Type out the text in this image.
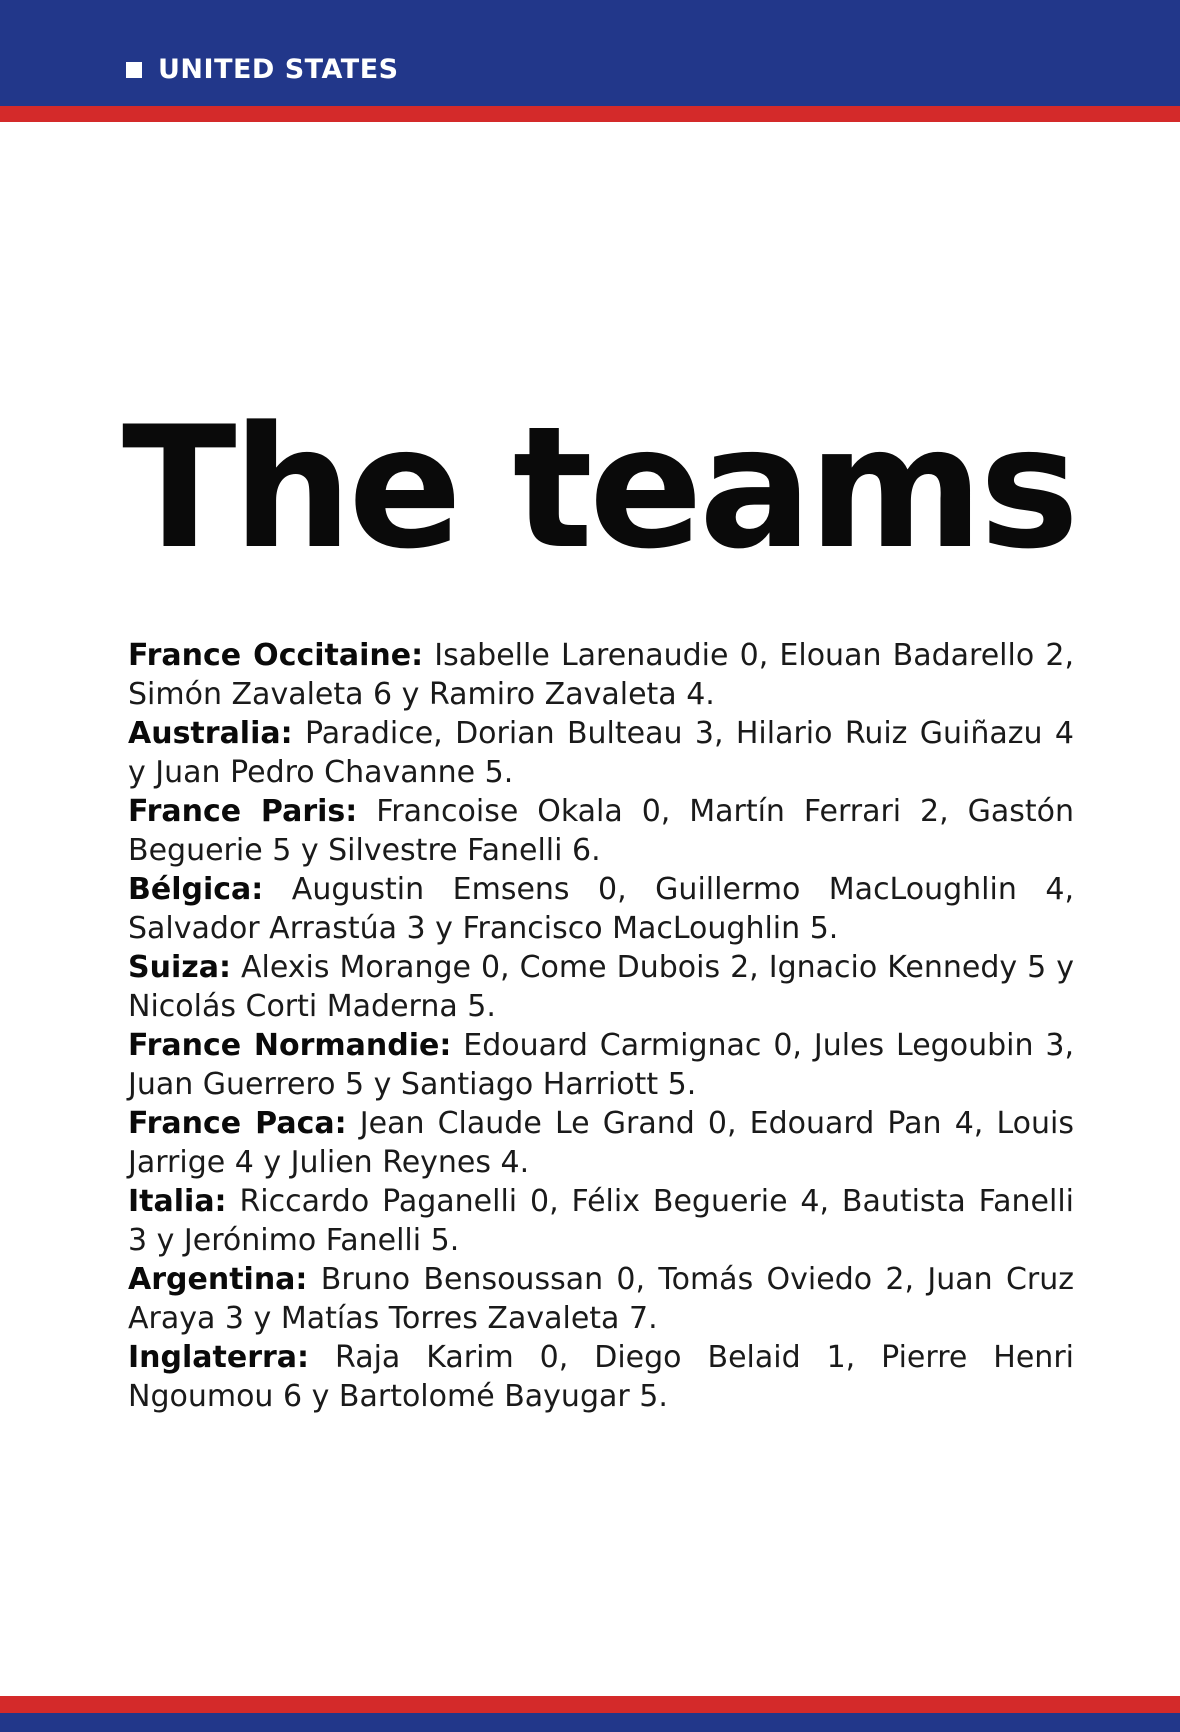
UNITED STATES
The teams

France Occitaine: Isabelle Larenaudie 0, Elouan Badarello 2, Simón Zavaleta 6 y Ramiro Zavaleta 4.

Australia: Paradice, Dorian Bulteau 3, Hilario Ruiz Guiñazu 4 y Juan Pedro Chavanne 5.

France Paris: Francoise Okala 0, Martín Ferrari 2, Gastón Beguerie 5 y Silvestre Fanelli 6.

Bélgica: Augustin Emsens 0, Guillermo MacLoughlin 4, Salvador Arrastúa 3 y Francisco MacLoughlin 5.

Suiza: Alexis Morange 0, Come Dubois 2, Ignacio Kennedy 5 y Nicolás Corti Maderna 5.

France Normandie: Edouard Carmignac 0, Jules Legoubin 3, Juan Guerrero 5 y Santiago Harriott 5.

France Paca: Jean Claude Le Grand 0, Edouard Pan 4, Louis Jarrige 4 y Julien Reynes 4.

Italia: Riccardo Paganelli 0, Félix Beguerie 4, Bautista Fanelli 3 y Jerónimo Fanelli 5.

Argentina: Bruno Bensoussan 0, Tomás Oviedo 2, Juan Cruz Araya 3 y Matías Torres Zavaleta 7.

Inglaterra: Raja Karim 0, Diego Belaid 1, Pierre Henri Ngoumou 6 y Bartolomé Bayugar 5.
